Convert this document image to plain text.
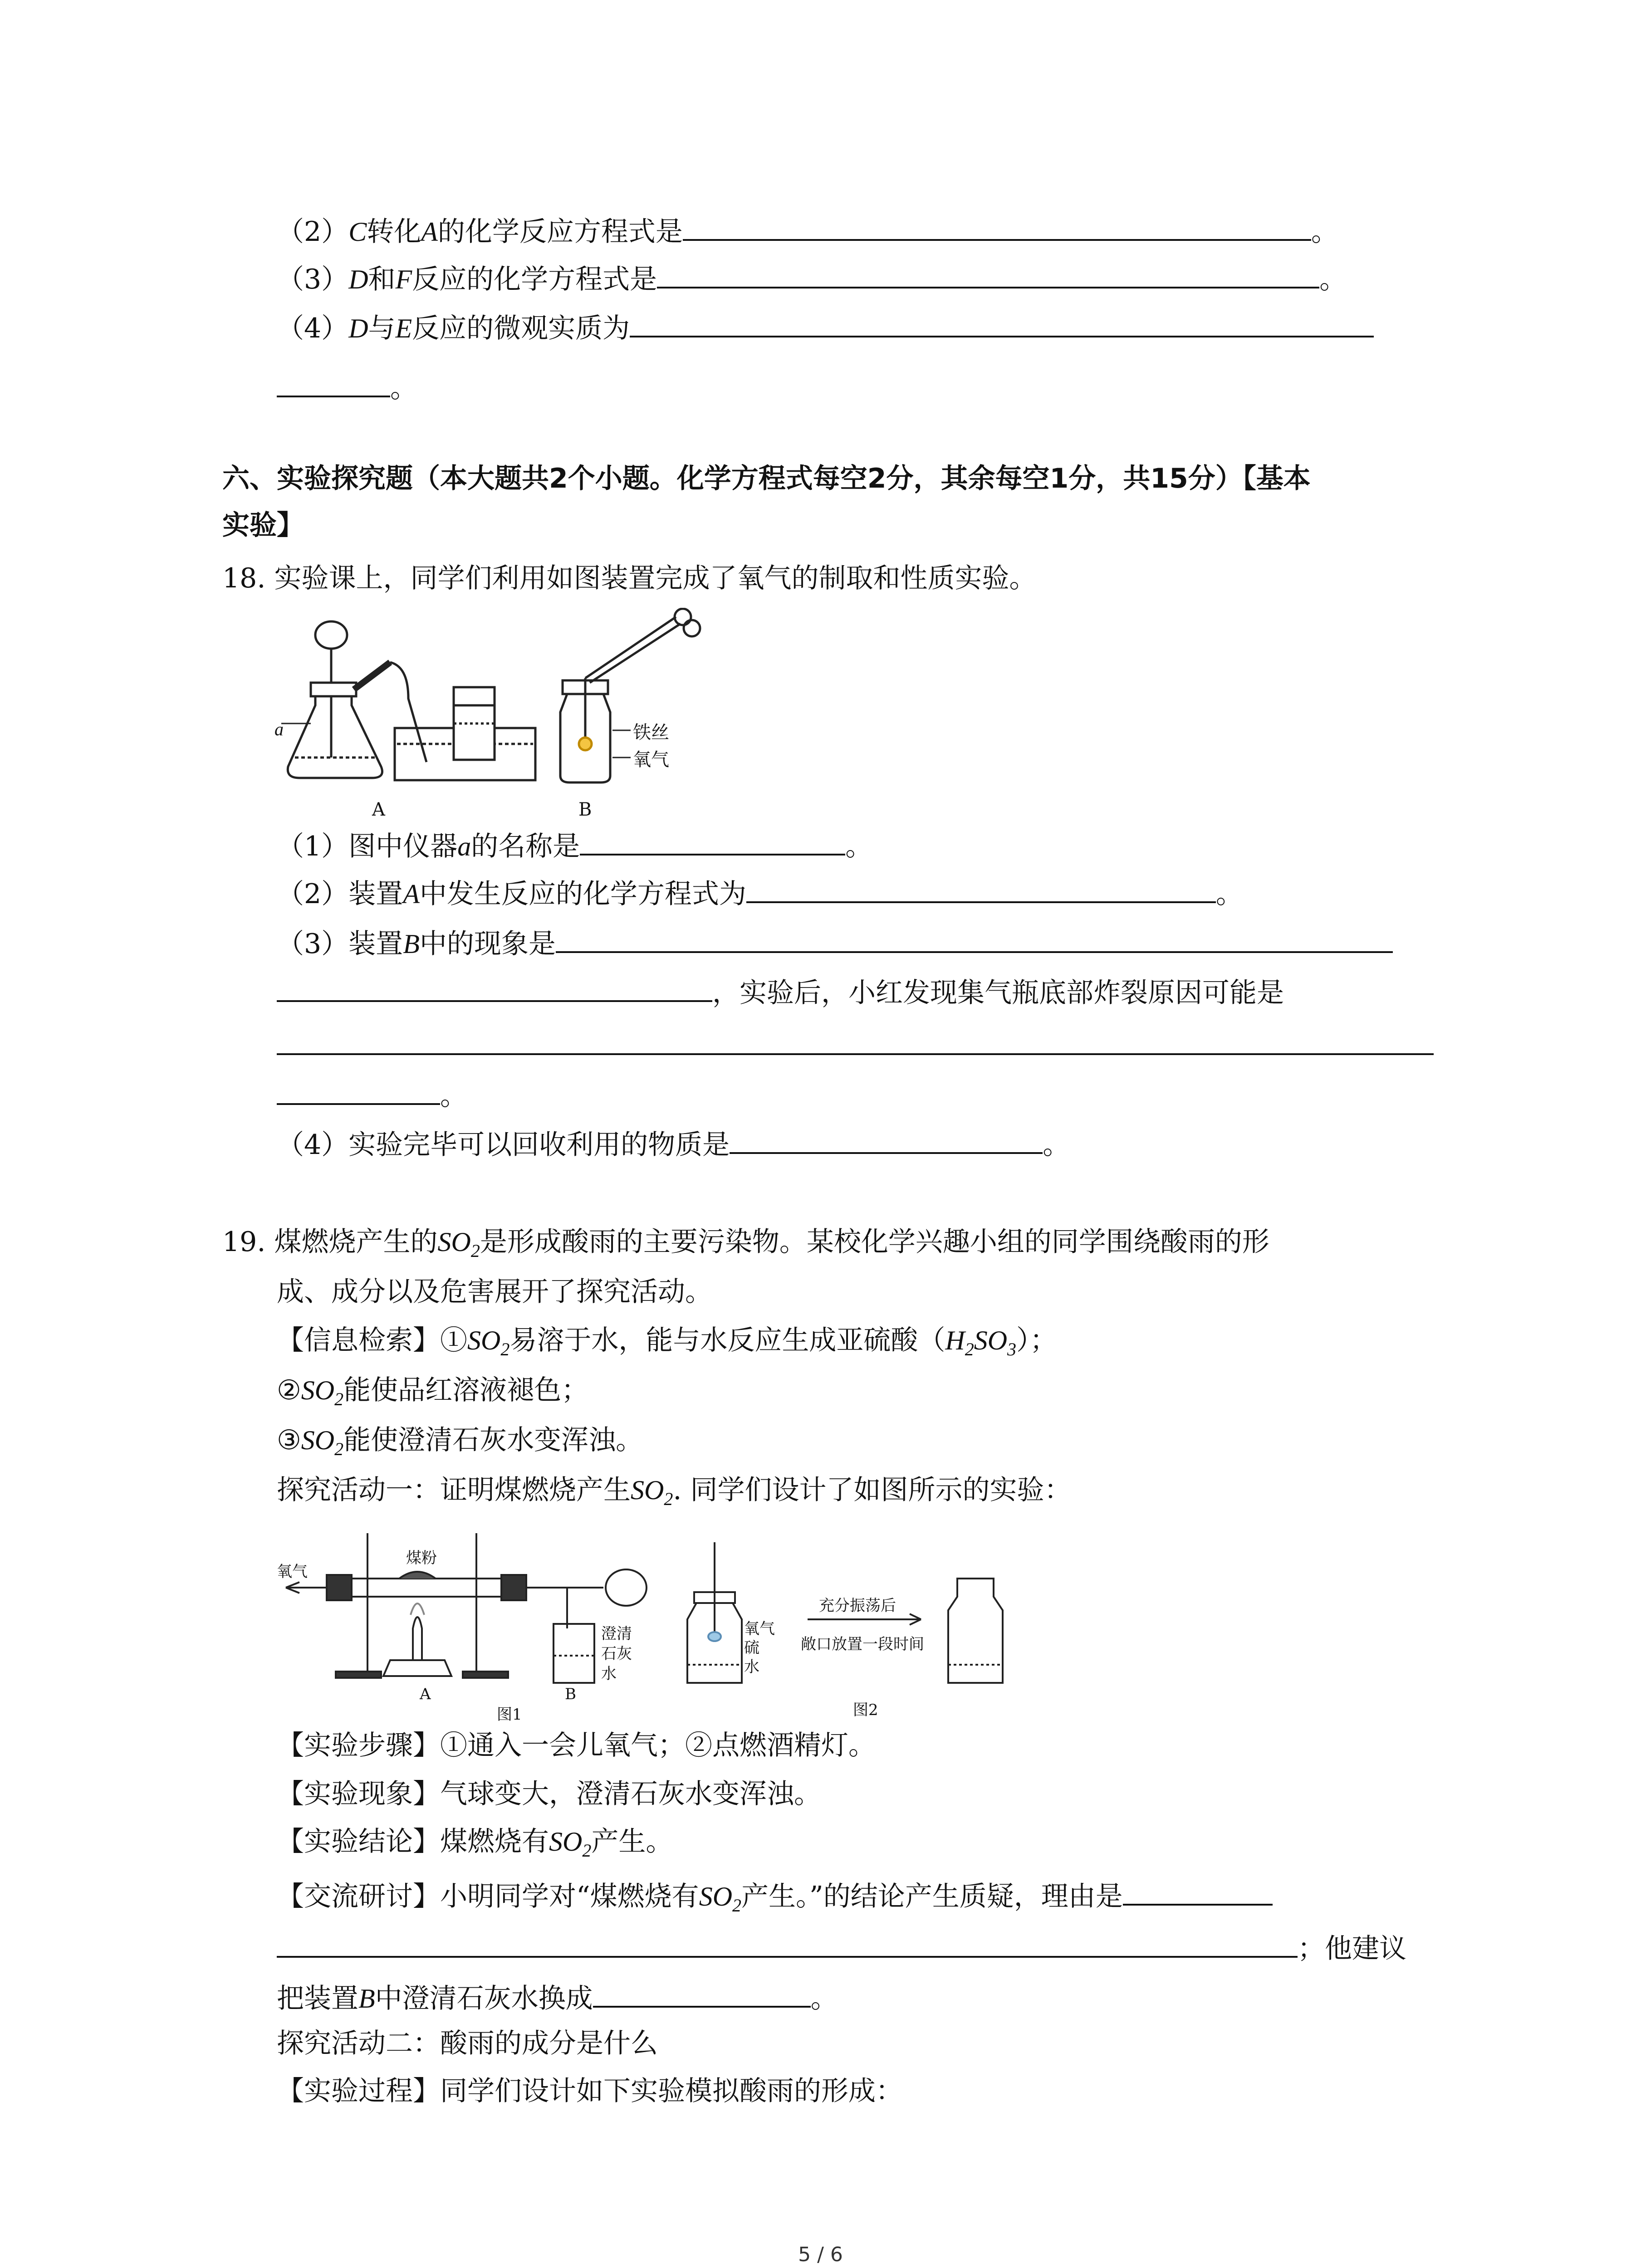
（2）C转化A的化学反应方程式是	。
（3）D和F反应的化学方程式是	。
（4）D与E反应的微观实质为
。
六、实验探究题（本大题共2个小题。化学方程式每空2分，其余每空1分，共15分）【基本
实验】
18. 实验课上，同学们利用如图装置完成了氧气的制取和性质实验。
a
A	B
铁丝
氧气
（1）图中仪器a的名称是	。
（2）装置A中发生反应的化学方程式为	。
（3）装置B中的现象是
，实验后，小红发现集气瓶底部炸裂原因可能是
。
（4）实验完毕可以回收利用的物质是	。
19. 煤燃烧产生的$SO_2$是形成酸雨的主要污染物。某校化学兴趣小组的同学围绕酸雨的形
成、成分以及危害展开了探究活动。
【信息检索】$①SO_2$易溶于水，能与水反应生成亚硫酸$(H_2SO_3)$；
$②SO_2$能使品红溶液褪色；
$③SO_2$能使澄清石灰水变浑浊。
探究活动一：证明煤燃烧产生$SO_2$. 同学们设计了如图所示的实验：
氧气
煤粉
澄清
石灰
水
A	B
图1
氧气
硫
水
充分振荡后
敞口放置一段时间
图2
【实验步骤】①通入一会儿氧气；②点燃酒精灯。
【实验现象】气球变大，澄清石灰水变浑浊。
【实验结论】煤燃烧有$SO_2$产生。
【交流研讨】小明同学对“煤燃烧有$SO_2$产生。”的结论产生质疑，理由是
；他建议
把装置B中澄清石灰水换成	。
探究活动二：酸雨的成分是什么
【实验过程】同学们设计如下实验模拟酸雨的形成：
5 / 6
